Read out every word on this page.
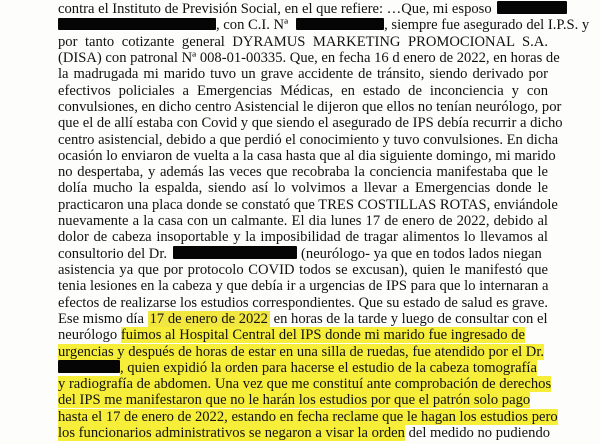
contra el Instituto de Previsión Social, en el que refiere: …Que, mi esposo
, con C.I. Nª	, siempre fue asegurado del I.P.S. y
por tanto cotizante general DYRAMUS MARKETING PROMOCIONAL S.A.
(DISA) con patronal Nª 008-01-00335. Que, en fecha 16 d enero de 2022, en horas de
la madrugada mi marido tuvo un grave accidente de tránsito, siendo derivado por
efectivos policiales a Emergencias Médicas, en estado de inconciencia y con
convulsiones, en dicho centro Asistencial le dijeron que ellos no tenían neurólogo, por
que el de allí estaba con Covid y que siendo el asegurado de IPS debía recurrir a dicho
centro asistencial, debido a que perdió el conocimiento y tuvo convulsiones. En dicha
ocasión lo enviaron de vuelta a la casa hasta que al dia siguiente domingo, mi marido
no despertaba, y además las veces que recobraba la conciencia manifestaba que le
dolía mucho la espalda, siendo así lo volvimos a llevar a Emergencias donde le
practicaron una placa donde se constató que TRES COSTILLAS ROTAS, enviándole
nuevamente a la casa con un calmante. El dia lunes 17 de enero de 2022, debido al
dolor de cabeza insoportable y la imposibilidad de tragar alimentos lo llevamos al
consultorio del Dr.	(neurólogo- ya que en todos lados niegan
asistencia ya que por protocolo COVID todos se excusan), quien le manifestó que
tenia lesiones en la cabeza y que debía ir a urgencias de IPS para que lo internaran a
efectos de realizarse los estudios correspondientes. Que su estado de salud es grave.
Ese mismo día 17 de enero de 2022 en horas de la tarde y luego de consultar con el
neurólogo fuimos al Hospital Central del IPS donde mi marido fue ingresado de
urgencias y después de horas de estar en una silla de ruedas, fue atendido por el Dr.
, quien expidió la orden para hacerse el estudio de la cabeza tomografía
y radiografía de abdomen. Una vez que me constituí ante comprobación de derechos
del IPS me manifestaron que no le harán los estudios por que el patrón solo pago
hasta el 17 de enero de 2022, estando en fecha reclame que le hagan los estudios pero
los funcionarios administrativos se negaron a visar la orden del medido no pudiendo
